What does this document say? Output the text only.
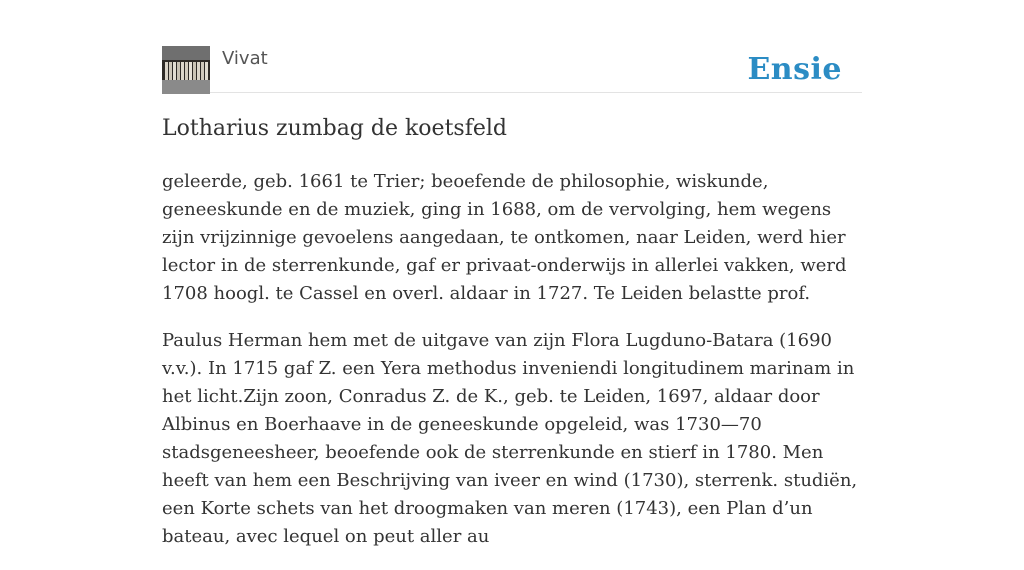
Vivat	Ensie
Lotharius zumbag de koetsfeld

geleerde, geb. 1661 te Trier; beoefende de philosophie, wiskunde, geneeskunde en de muziek, ging in 1688, om de vervolging, hem wegens zijn vrijzinnige gevoelens aangedaan, te ontkomen, naar Leiden, werd hier lector in de sterrenkunde, gaf er privaat-onderwijs in allerlei vakken, werd 1708 hoogl. te Cassel en overl. aldaar in 1727. Te Leiden belastte prof.

Paulus Herman hem met de uitgave van zijn Flora Lugduno-Batara (1690 v.v.). In 1715 gaf Z. een Yera methodus inveniendi longitudinem marinam in het licht.Zijn zoon, Conradus Z. de K., geb. te Leiden, 1697, aldaar door Albinus en Boerhaave in de geneeskunde opgeleid, was 1730—70 stadsgeneesheer, beoefende ook de sterrenkunde en stierf in 1780. Men heeft van hem een Beschrijving van iveer en wind (1730), sterrenk. studiën, een Korte schets van het droogmaken van meren (1743), een Plan d’un bateau, avec lequel on peut aller au
